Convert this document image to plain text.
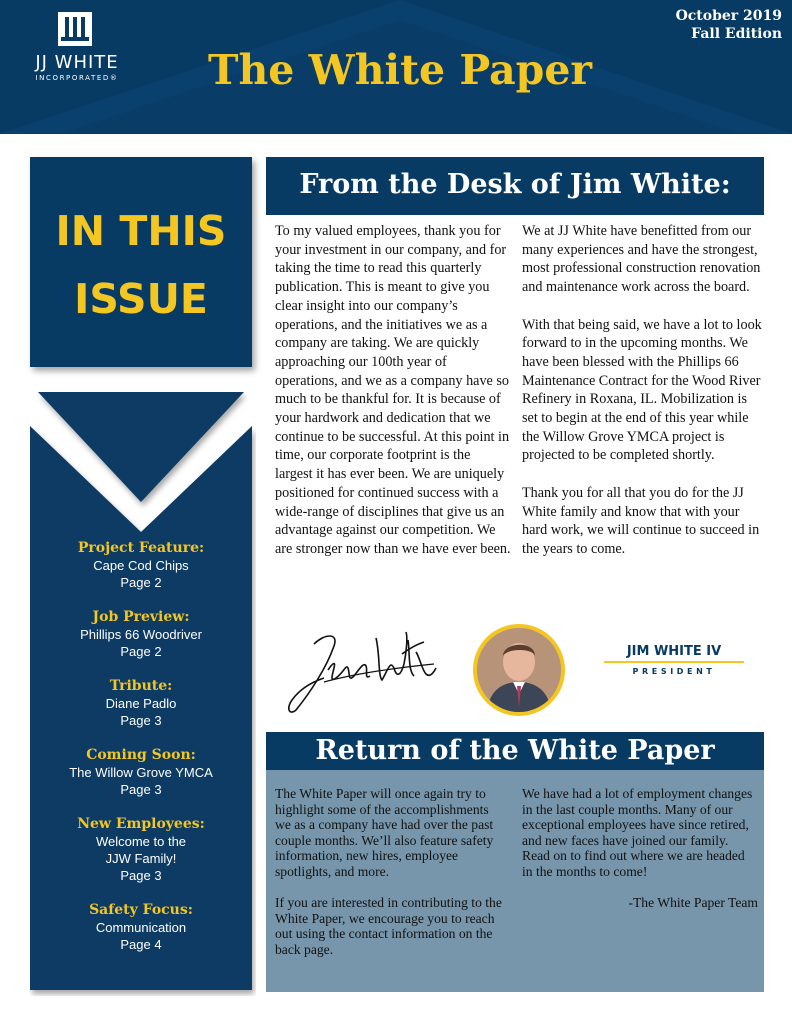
JJ WHITE
INCORPORATED®	The White Paper
October 2019
Fall Edition
IN THIS
ISSUE
Project Feature:
Cape Cod Chips
Page 2
Job Preview:
Phillips 66 Woodriver
Page 2
Tribute:
Diane Padlo
Page 3
Coming Soon:
The Willow Grove YMCA
Page 3
New Employees:
Welcome to the
JJW Family!
Page 3
Safety Focus:
Communication
Page 4
From the Desk of Jim White:

To my valued employees, thank you for your investment in our company, and for taking the time to read this quarterly publication. This is meant to give you clear insight into our company’s operations, and the initiatives we as a company are taking. We are quickly approaching our 100th year of operations, and we as a company have so much to be thankful for. It is because of your hardwork and dedication that we continue to be successful. At this point in time, our corporate footprint is the largest it has ever been. We are uniquely positioned for continued success with a wide-range of disciplines that give us an advantage against our competition. We are stronger now than we have ever been.

We at JJ White have benefitted from our many experiences and have the strongest, most professional construction renovation and maintenance work across the board.

With that being said, we have a lot to look forward to in the upcoming months. We have been blessed with the Phillips 66 Maintenance Contract for the Wood River Refinery in Roxana, IL. Mobilization is set to begin at the end of this year while the Willow Grove YMCA project is projected to be completed shortly.

Thank you for all that you do for the JJ White family and know that with your hard work, we will continue to succeed in the years to come.

JIM WHITE IV
PRESIDENT
Return of the White Paper

The White Paper will once again try to highlight some of the accomplishments we as a company have had over the past couple months. We’ll also feature safety information, new hires, employee spotlights, and more.

If you are interested in contributing to the White Paper, we encourage you to reach out using the contact information on the back page.

We have had a lot of employment changes in the last couple months. Many of our exceptional employees have since retired, and new faces have joined our family. Read on to find out where we are headed in the months to come!

-The White Paper Team
